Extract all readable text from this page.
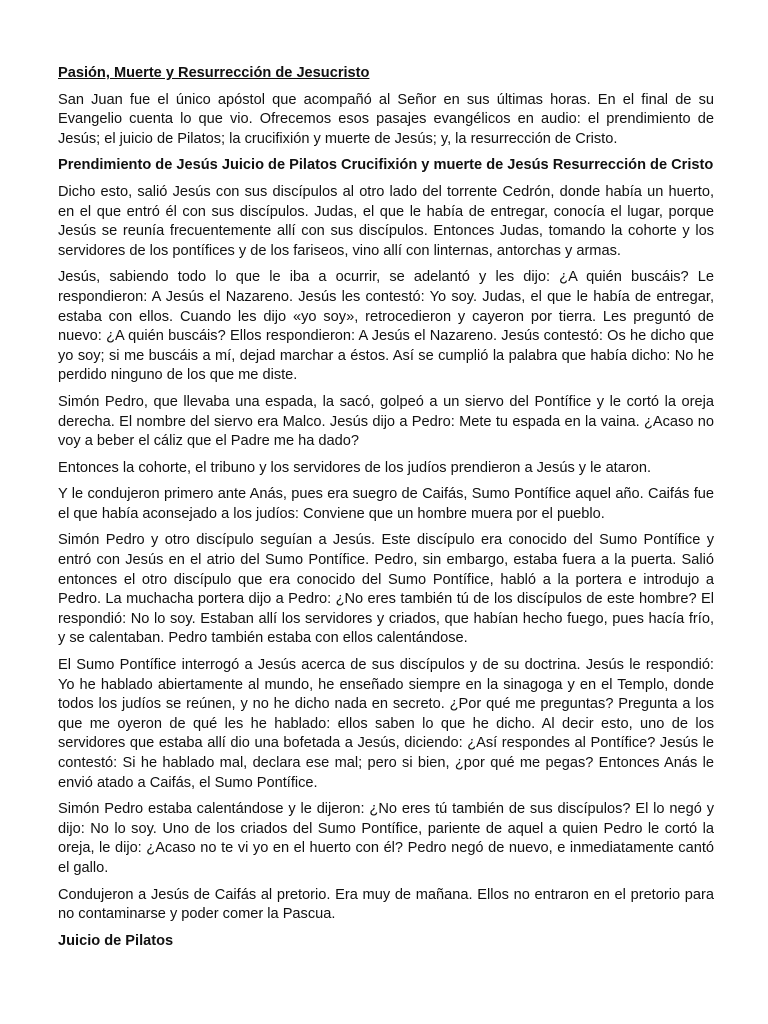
Pasión, Muerte y Resurrección de Jesucristo

San Juan fue el único apóstol que acompañó al Señor en sus últimas horas. En el final de su Evangelio cuenta lo que vio. Ofrecemos esos pasajes evangélicos en audio: el prendimiento de Jesús; el juicio de Pilatos; la crucifixión y muerte de Jesús; y, la resurrección de Cristo.

Prendimiento de Jesús Juicio de Pilatos Crucifixión y muerte de Jesús Resurrección de Cristo

Dicho esto, salió Jesús con sus discípulos al otro lado del torrente Cedrón, donde había un huerto, en el que entró él con sus discípulos. Judas, el que le había de entregar, conocía el lugar, porque Jesús se reunía frecuentemente allí con sus discípulos. Entonces Judas, tomando la cohorte y los servidores de los pontífices y de los fariseos, vino allí con linternas, antorchas y armas.

Jesús, sabiendo todo lo que le iba a ocurrir, se adelantó y les dijo: ¿A quién buscáis? Le respondieron: A Jesús el Nazareno. Jesús les contestó: Yo soy. Judas, el que le había de entregar, estaba con ellos. Cuando les dijo «yo soy», retrocedieron y cayeron por tierra. Les preguntó de nuevo: ¿A quién buscáis? Ellos respondieron: A Jesús el Nazareno. Jesús contestó: Os he dicho que yo soy; si me buscáis a mí, dejad marchar a éstos. Así se cumplió la palabra que había dicho: No he perdido ninguno de los que me diste.

Simón Pedro, que llevaba una espada, la sacó, golpeó a un siervo del Pontífice y le cortó la oreja derecha. El nombre del siervo era Malco. Jesús dijo a Pedro: Mete tu espada en la vaina. ¿Acaso no voy a beber el cáliz que el Padre me ha dado?

Entonces la cohorte, el tribuno y los servidores de los judíos prendieron a Jesús y le ataron.

Y le condujeron primero ante Anás, pues era suegro de Caifás, Sumo Pontífice aquel año. Caifás fue el que había aconsejado a los judíos: Conviene que un hombre muera por el pueblo.

Simón Pedro y otro discípulo seguían a Jesús. Este discípulo era conocido del Sumo Pontífice y entró con Jesús en el atrio del Sumo Pontífice. Pedro, sin embargo, estaba fuera a la puerta. Salió entonces el otro discípulo que era conocido del Sumo Pontífice, habló a la portera e introdujo a Pedro. La muchacha portera dijo a Pedro: ¿No eres también tú de los discípulos de este hombre? El respondió: No lo soy. Estaban allí los servidores y criados, que habían hecho fuego, pues hacía frío, y se calentaban. Pedro también estaba con ellos calentándose.

El Sumo Pontífice interrogó a Jesús acerca de sus discípulos y de su doctrina. Jesús le respondió: Yo he hablado abiertamente al mundo, he enseñado siempre en la sinagoga y en el Templo, donde todos los judíos se reúnen, y no he dicho nada en secreto. ¿Por qué me preguntas? Pregunta a los que me oyeron de qué les he hablado: ellos saben lo que he dicho. Al decir esto, uno de los servidores que estaba allí dio una bofetada a Jesús, diciendo: ¿Así respondes al Pontífice? Jesús le contestó: Si he hablado mal, declara ese mal; pero si bien, ¿por qué me pegas? Entonces Anás le envió atado a Caifás, el Sumo Pontífice.

Simón Pedro estaba calentándose y le dijeron: ¿No eres tú también de sus discípulos? El lo negó y dijo: No lo soy. Uno de los criados del Sumo Pontífice, pariente de aquel a quien Pedro le cortó la oreja, le dijo: ¿Acaso no te vi yo en el huerto con él? Pedro negó de nuevo, e inmediatamente cantó el gallo.

Condujeron a Jesús de Caifás al pretorio. Era muy de mañana. Ellos no entraron en el pretorio para no contaminarse y poder comer la Pascua.

Juicio de Pilatos
